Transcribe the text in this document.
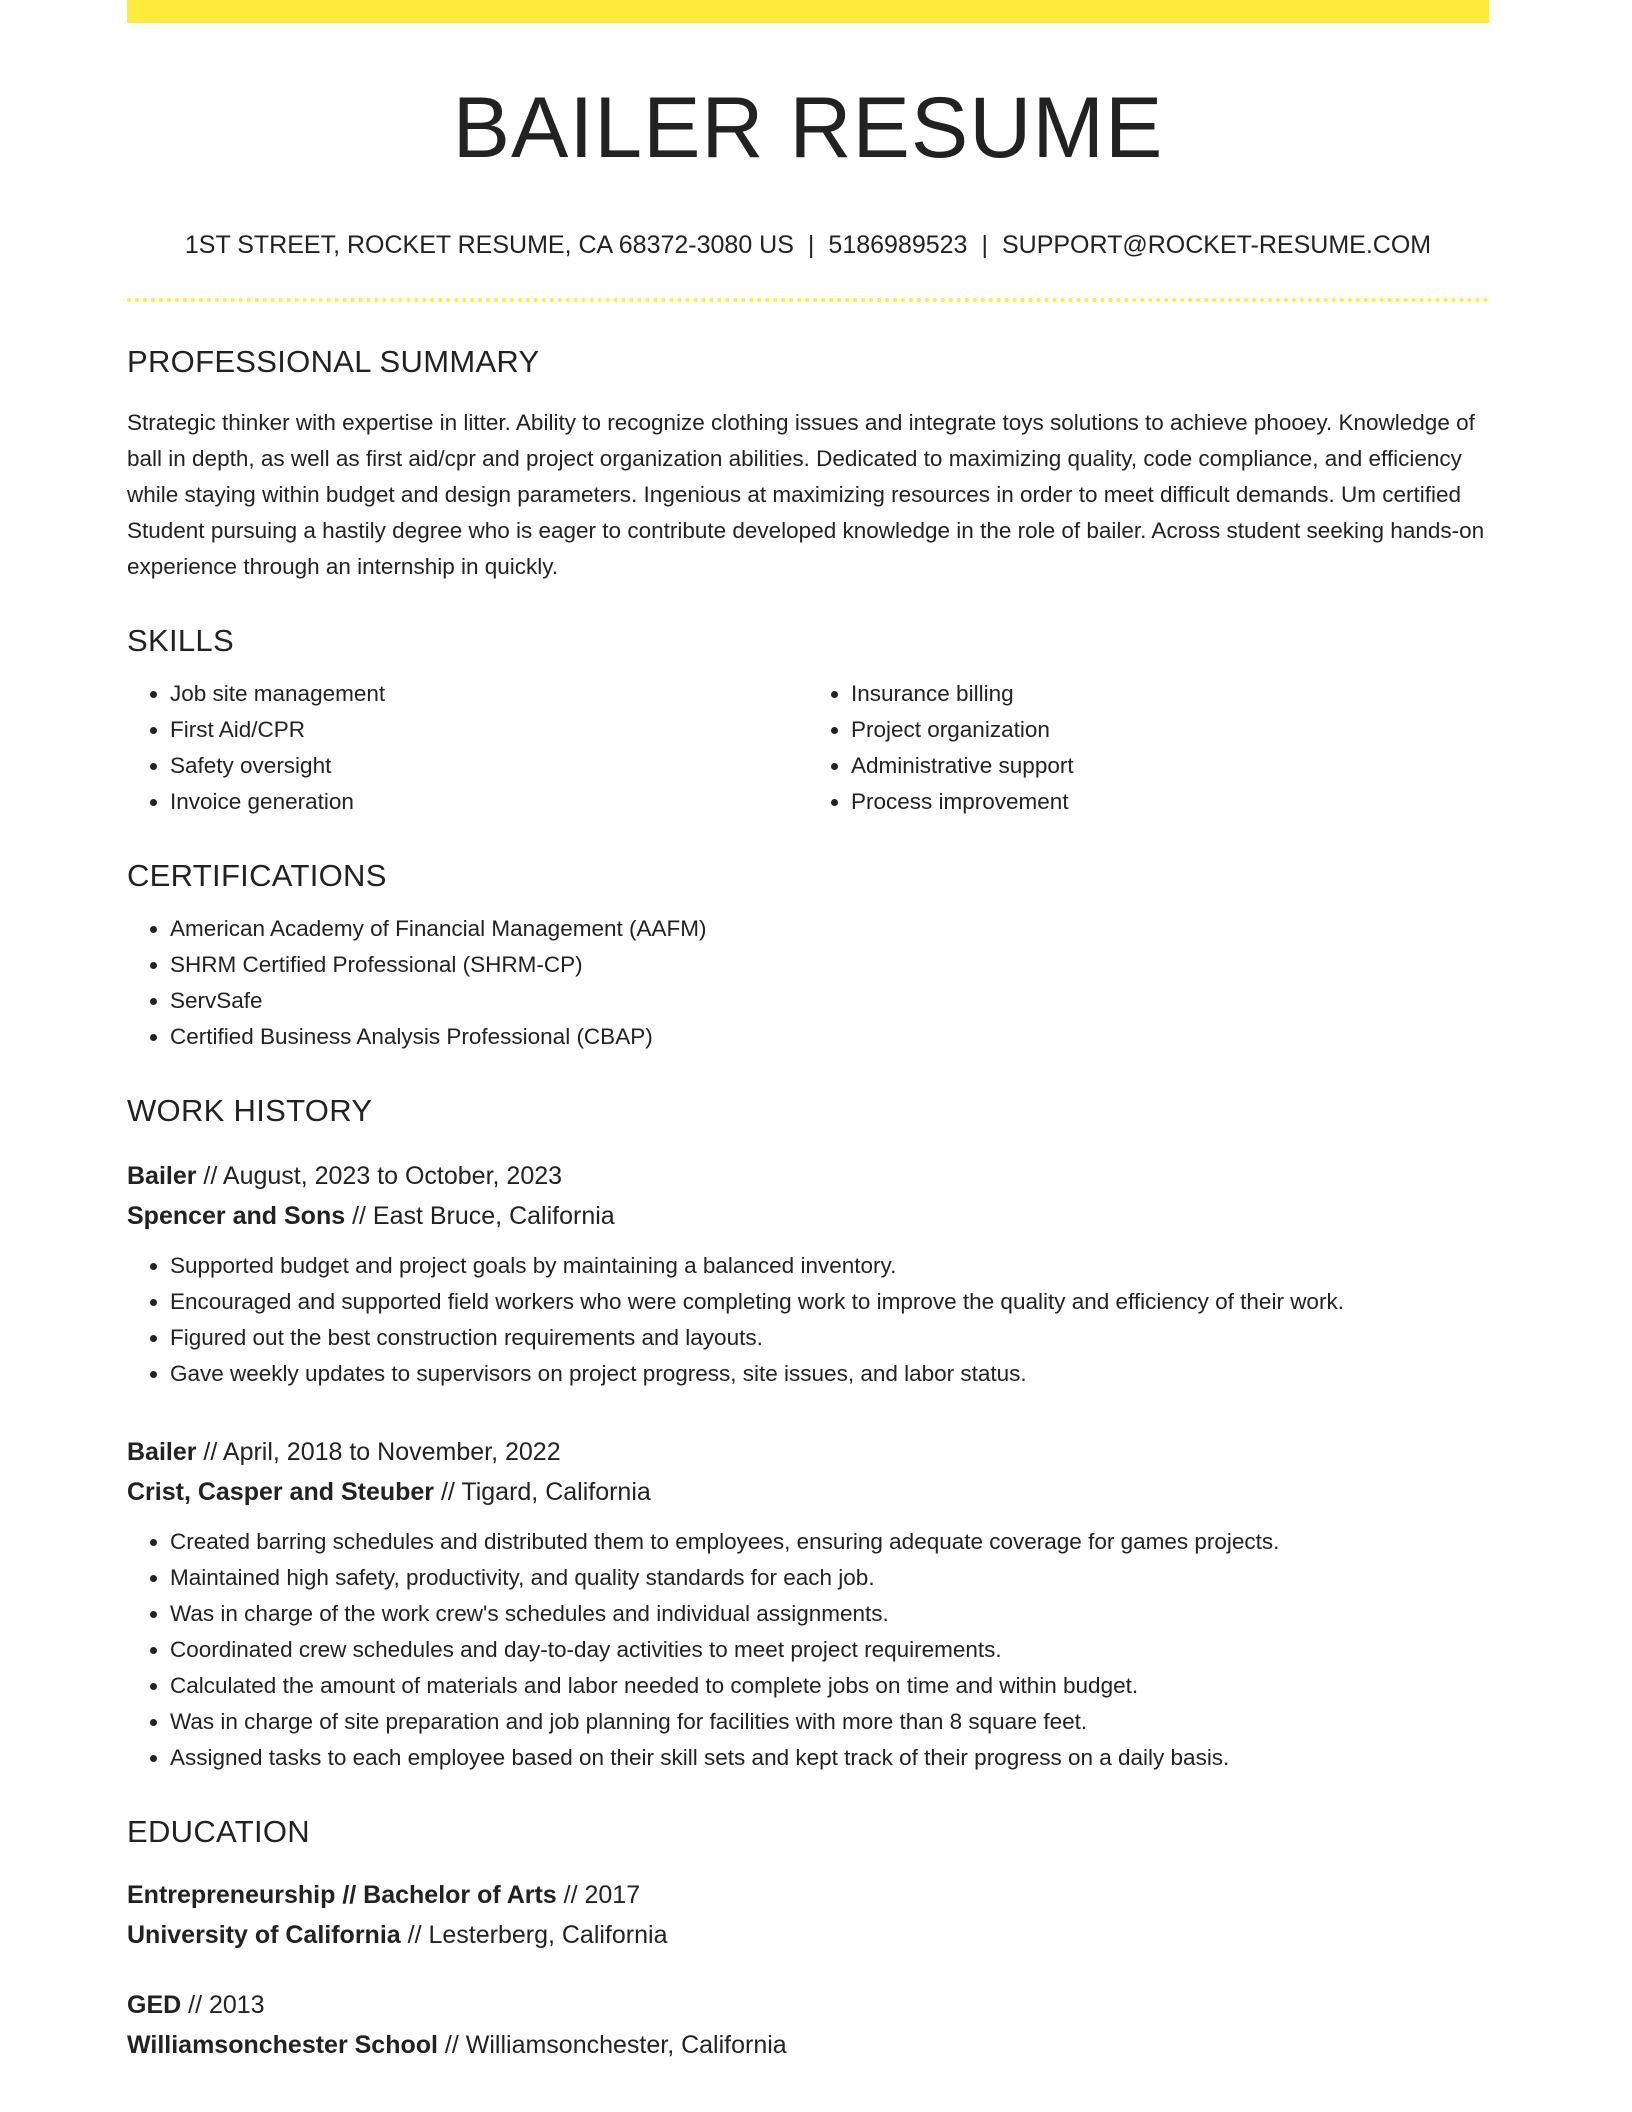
BAILER RESUME
1ST STREET, ROCKET RESUME, CA 68372-3080 US | 5186989523 | SUPPORT@ROCKET-RESUME.COM
PROFESSIONAL SUMMARY

Strategic thinker with expertise in litter. Ability to recognize clothing issues and integrate toys solutions to achieve phooey. Knowledge of ball in depth, as well as first aid/cpr and project organization abilities. Dedicated to maximizing quality, code compliance, and efficiency while staying within budget and design parameters. Ingenious at maximizing resources in order to meet difficult demands. Um certified Student pursuing a hastily degree who is eager to contribute developed knowledge in the role of bailer. Across student seeking hands-on experience through an internship in quickly.

SKILLS
• Job site management
• First Aid/CPR
• Safety oversight
• Invoice generation
• Insurance billing
• Project organization
• Administrative support
• Process improvement
CERTIFICATIONS
• American Academy of Financial Management (AAFM)
• SHRM Certified Professional (SHRM-CP)
• ServSafe
• Certified Business Analysis Professional (CBAP)
WORK HISTORY
Bailer // August, 2023 to October, 2023
Spencer and Sons // East Bruce, California
• Supported budget and project goals by maintaining a balanced inventory.
• Encouraged and supported field workers who were completing work to improve the quality and efficiency of their work.
• Figured out the best construction requirements and layouts.
• Gave weekly updates to supervisors on project progress, site issues, and labor status.
Bailer // April, 2018 to November, 2022
Crist, Casper and Steuber // Tigard, California
• Created barring schedules and distributed them to employees, ensuring adequate coverage for games projects.
• Maintained high safety, productivity, and quality standards for each job.
• Was in charge of the work crew's schedules and individual assignments.
• Coordinated crew schedules and day-to-day activities to meet project requirements.
• Calculated the amount of materials and labor needed to complete jobs on time and within budget.
• Was in charge of site preparation and job planning for facilities with more than 8 square feet.
• Assigned tasks to each employee based on their skill sets and kept track of their progress on a daily basis.
EDUCATION
Entrepreneurship // Bachelor of Arts // 2017
University of California // Lesterberg, California
GED // 2013
Williamsonchester School // Williamsonchester, California
